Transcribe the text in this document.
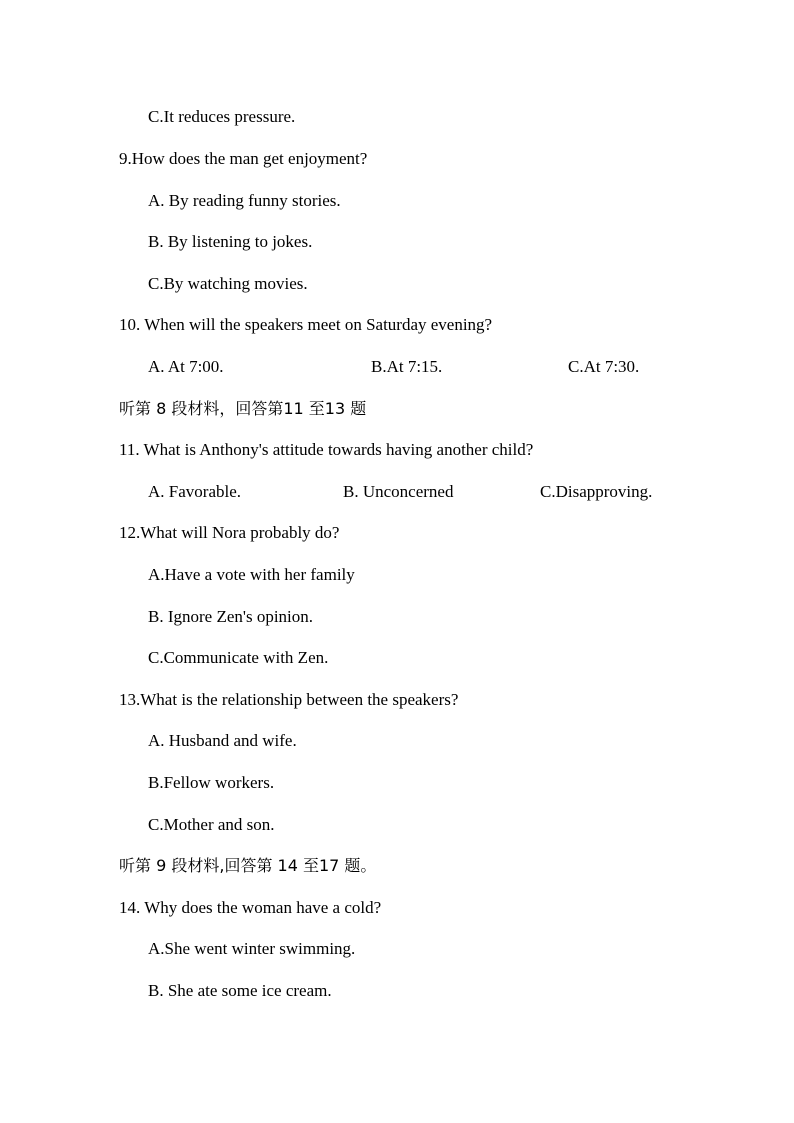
C.It reduces pressure.
9.How does the man get enjoyment?
A. By reading funny stories.
B. By listening to jokes.
C.By watching movies.
10. When will the speakers meet on Saturday evening?
A. At 7:00.	B.At 7:15.	C.At 7:30.
听第 8 段材料，回答第11 至13 题
11. What is Anthony's attitude towards having another child?
A. Favorable.	B. Unconcerned	C.Disapproving.
12.What will Nora probably do?
A.Have a vote with her family
B. Ignore Zen's opinion.
C.Communicate with Zen.
13.What is the relationship between the speakers?
A. Husband and wife.
B.Fellow workers.
C.Mother and son.
听第 9 段材料,回答第 14 至17 题。
14. Why does the woman have a cold?
A.She went winter swimming.
B. She ate some ice cream.
